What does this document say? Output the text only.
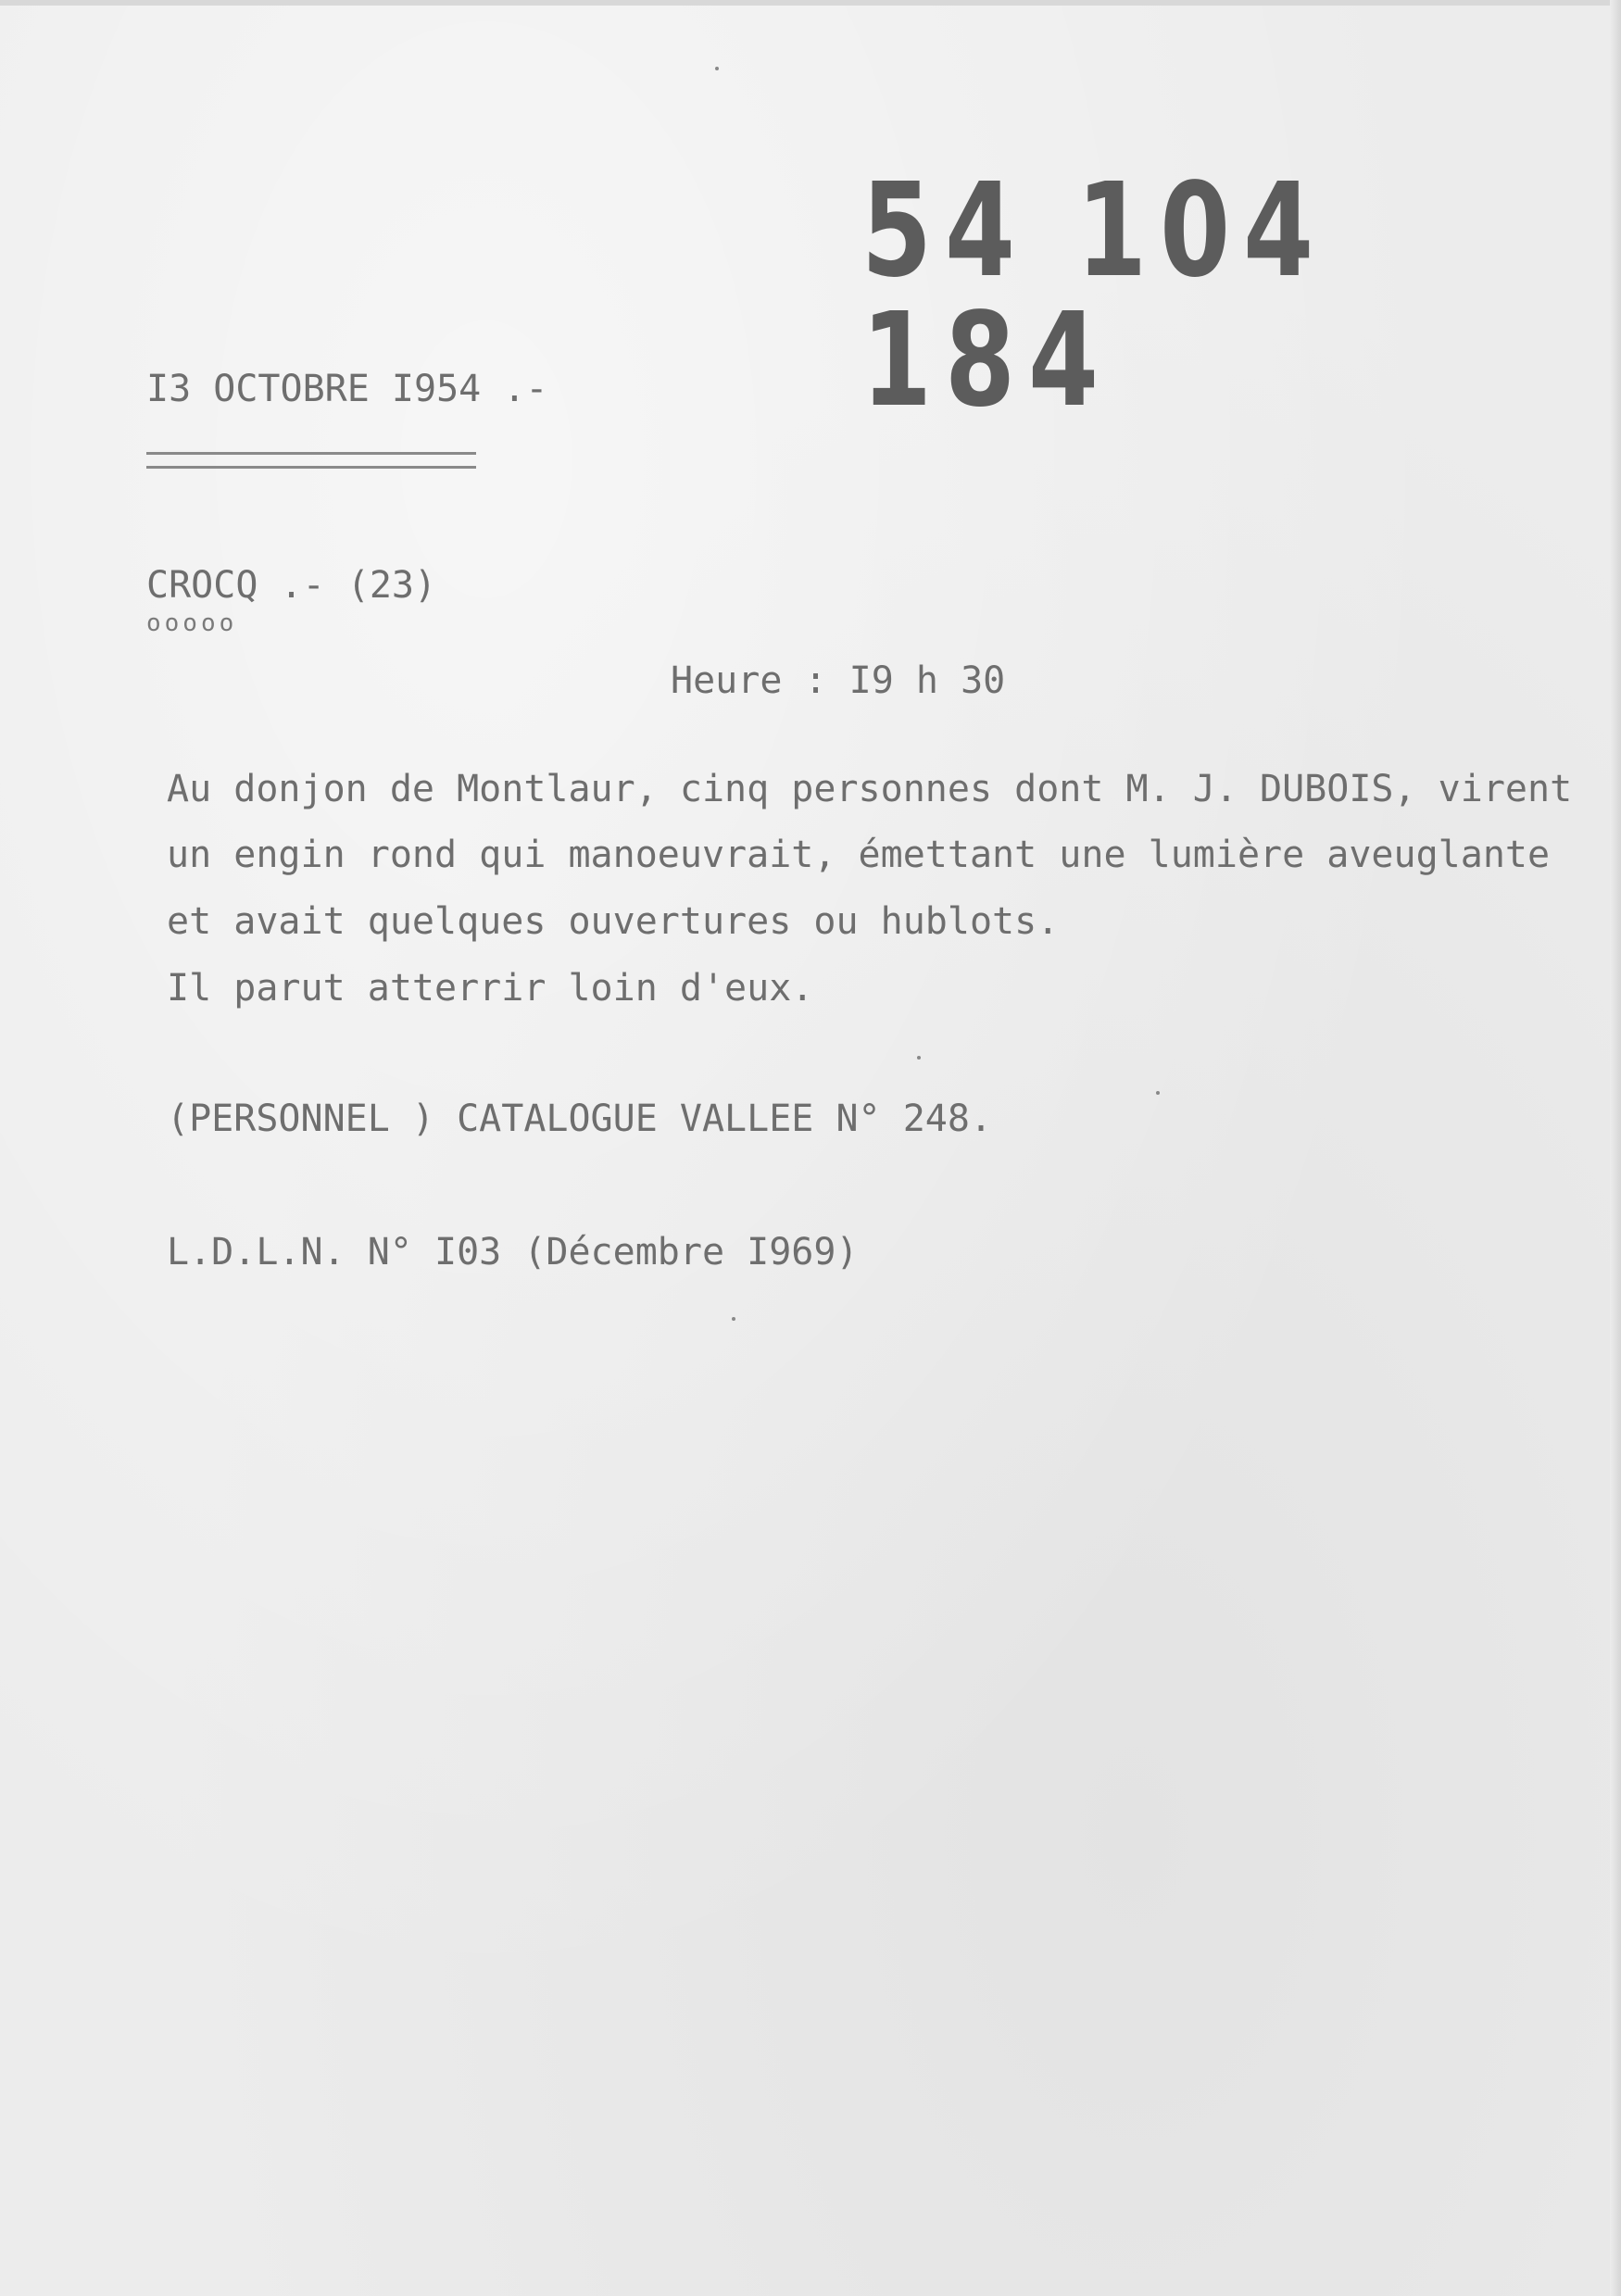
54 104 184
I3 OCTOBRE I954 .-
CROCQ .- (23)
ooooo
Heure : I9 h 30
Au donjon de Montlaur, cinq personnes dont M. J. DUBOIS, virent
un engin rond qui manoeuvrait, émettant une lumière aveuglante
et avait quelques ouvertures ou hublots.
Il parut atterrir loin d'eux.
(PERSONNEL ) CATALOGUE VALLEE N° 248.
L.D.L.N. N° I03 (Décembre I969)
